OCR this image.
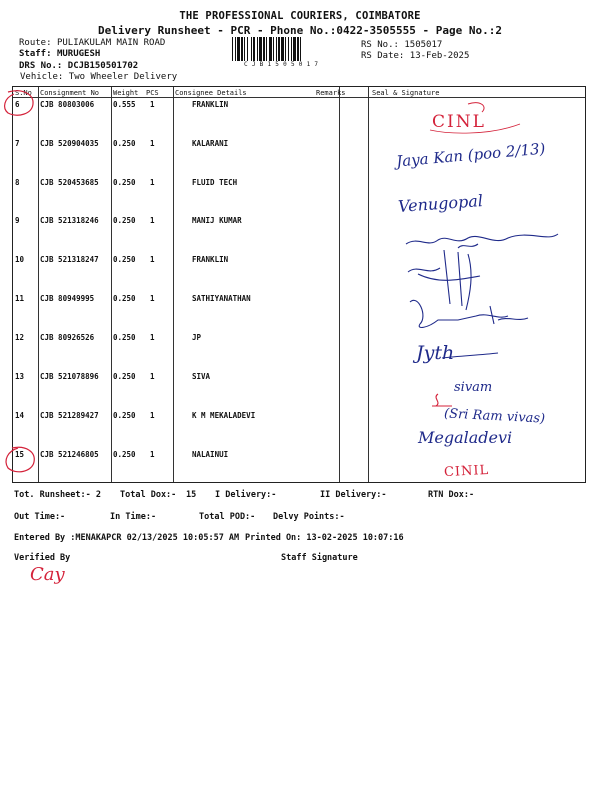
THE PROFESSIONAL COURIERS, COIMBATORE
Delivery Runsheet - PCR - Phone No.:0422-3505555 - Page No.:2
Route: PULIAKULAM MAIN ROAD
Staff: MURUGESH
DRS No.: DCJB150501702
Vehicle: Two Wheeler Delivery
C J B 1 5 0 5 0 1 7
RS No.: 1505017
RS Date: 13-Feb-2025
S.No Consignment No Weight PCS Consignee Details	Remarks	Seal & Signature
6	CJB 80803006	0.555 1	FRANKLIN
7	CJB 520904035 0.250 1	KALARANI
8	CJB 520453685 0.250 1	FLUID TECH
9	CJB 521318246 0.250 1	MANIJ KUMAR
10 CJB 521318247 0.250 1	FRANKLIN
11 CJB 80949995	0.250 1	SATHIYANATHAN
12 CJB 80926526	0.250 1	JP
13 CJB 521078896 0.250 1	SIVA
14 CJB 521289427 0.250 1	K M MEKALADEVI
15 CJB 521246805 0.250 1	NALAINUI
CINL
Jaya Kan (poo 2/13)
Venugopal
Jyth
sivam
(Sri Ram vivas)
Megaladevi
CINIL
Tot. Runsheet:- 2 Total Dox:- 15 I Delivery:-	II Delivery:-	RTN Dox:-
Out Time:-	In Time:-	Total POD:- Delvy Points:-
Entered By :MENAKAPCR 02/13/2025 10:05:57 AM Printed On: 13-02-2025 10:07:16
Verified By	Staff Signature
Cay
